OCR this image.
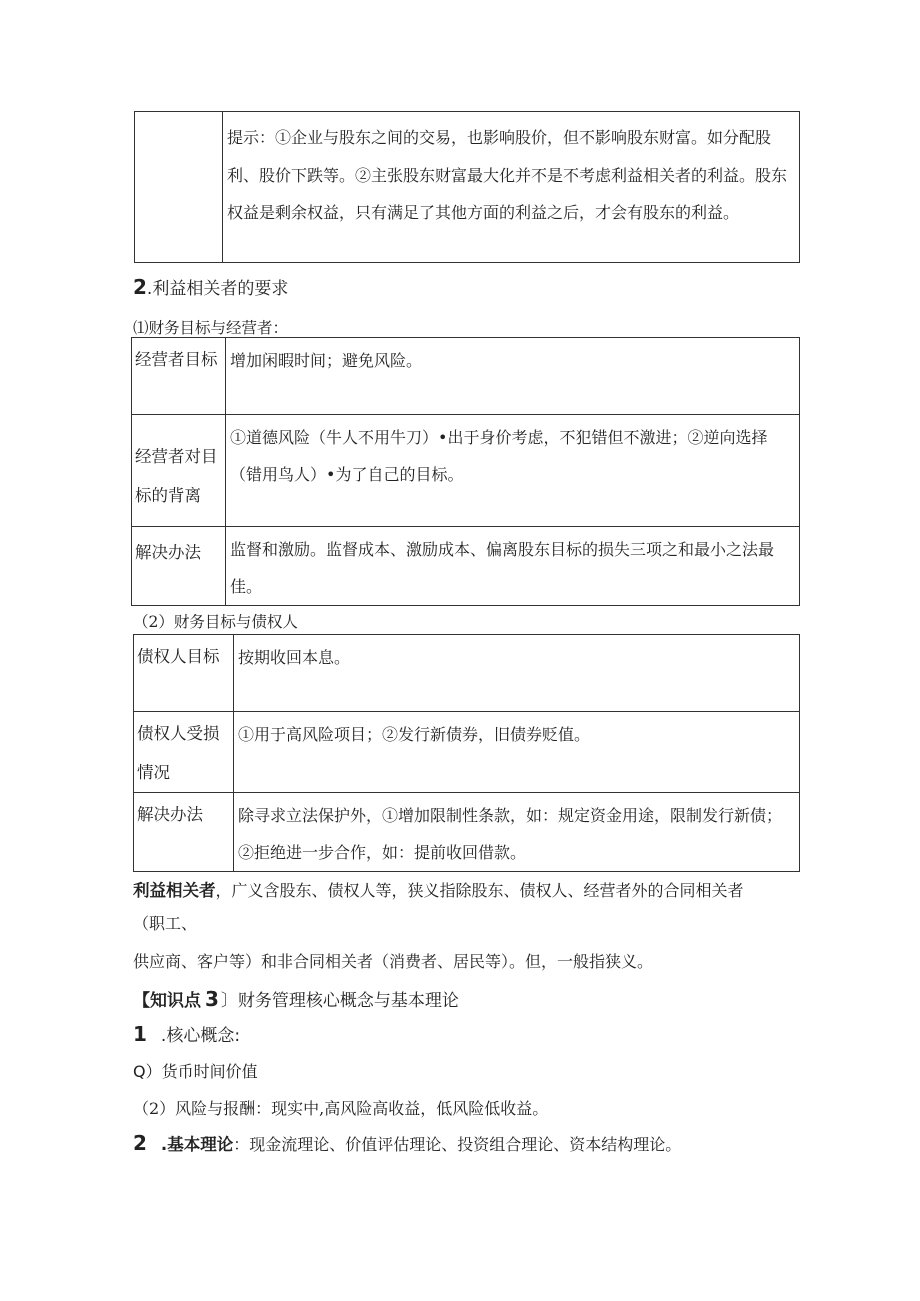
	提示：①企业与股东之间的交易，也影响股价，但不影响股东财富。如分配股利、股价下跌等。②主张股东财富最大化并不是不考虑利益相关者的利益。股东权益是剩余权益，只有满足了其他方面的利益之后，才会有股东的利益。
2.利益相关者的要求
⑴财务目标与经营者：
经营者目标	增加闲暇时间；避免风险。
经营者对目标的背离	①道德风险（牛人不用牛刀）•出于身价考虑，不犯错但不激进；②逆向选择（错用鸟人）•为了自己的目标。
解决办法	监督和激励。监督成本、激励成本、偏离股东目标的损失三项之和最小之法最佳。
（2）财务目标与债权人
债权人目标	按期收回本息。
债权人受损情况	①用于高风险项目；②发行新债券，旧债券贬值。
解决办法	除寻求立法保护外，①增加限制性条款，如：规定资金用途，限制发行新债；②拒绝进一步合作，如：提前收回借款。
利益相关者，广义含股东、债权人等，狭义指除股东、债权人、经营者外的合同相关者
（职工、
供应商、客户等）和非合同相关者（消费者、居民等）。但，一般指狭义。
【知识点 3 〕财务管理核心概念与基本理论
1 .核心概念:
Q）货币时间价值
（2）风险与报酬：现实中,高风险高收益，低风险低收益。
2 .基本理论：现金流理论、价值评估理论、投资组合理论、资本结构理论。
